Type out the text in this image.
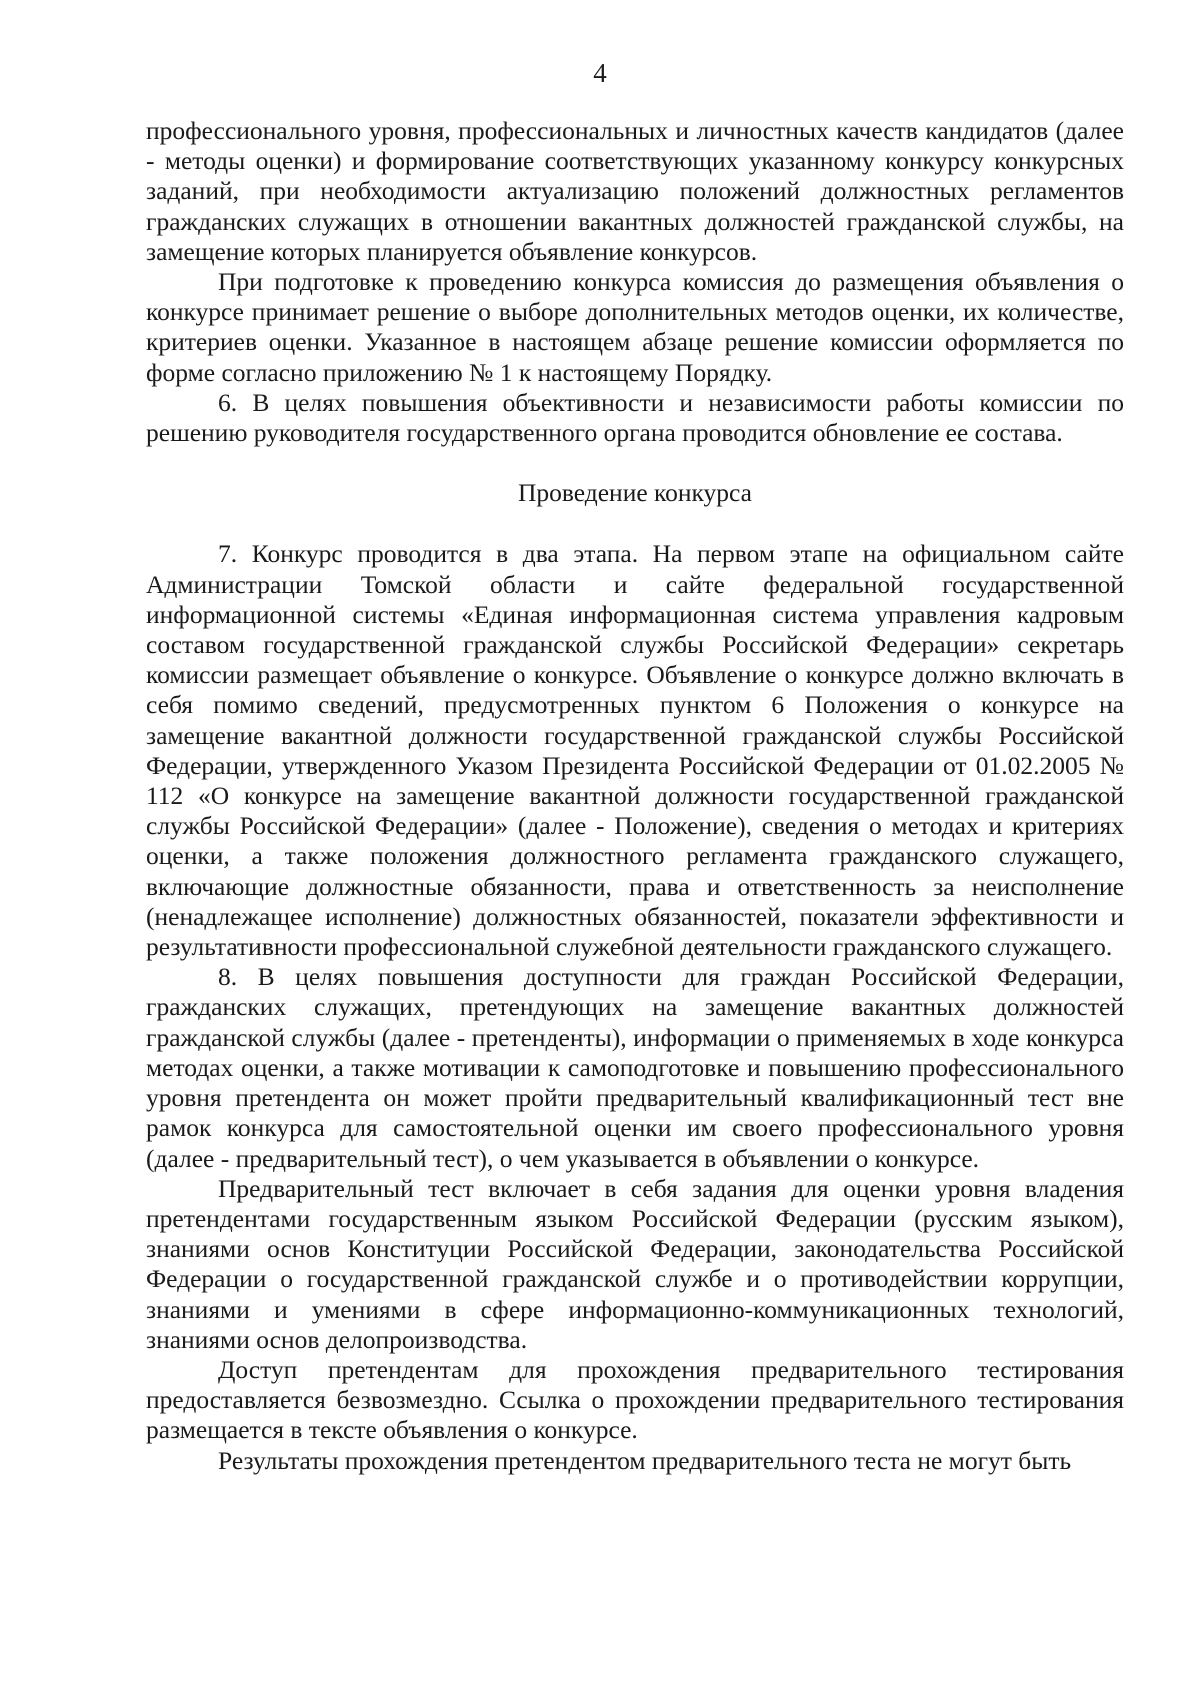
4

профессионального уровня, профессиональных и личностных качеств кандидатов (далее - методы оценки) и формирование соответствующих указанному конкурсу конкурсных заданий, при необходимости актуализацию положений должностных регламентов гражданских служащих в отношении вакантных должностей гражданской службы, на замещение которых планируется объявление конкурсов.

При подготовке к проведению конкурса комиссия до размещения объявления о конкурсе принимает решение о выборе дополнительных методов оценки, их количестве, критериев оценки. Указанное в настоящем абзаце решение комиссии оформляется по форме согласно приложению № 1 к настоящему Порядку.

6. В целях повышения объективности и независимости работы комиссии по решению руководителя государственного органа проводится обновление ее состава.

Проведение конкурса

7. Конкурс проводится в два этапа. На первом этапе на официальном сайте Администрации Томской области и сайте федеральной государственной информационной системы «Единая информационная система управления кадровым составом государственной гражданской службы Российской Федерации» секретарь комиссии размещает объявление о конкурсе. Объявление о конкурсе должно включать в себя помимо сведений, предусмотренных пунктом 6 Положения о конкурсе на замещение вакантной должности государственной гражданской службы Российской Федерации, утвержденного Указом Президента Российской Федерации от 01.02.2005 № 112 «О конкурсе на замещение вакантной должности государственной гражданской службы Российской Федерации» (далее - Положение), сведения о методах и критериях оценки, а также положения должностного регламента гражданского служащего, включающие должностные обязанности, права и ответственность за неисполнение (ненадлежащее исполнение) должностных обязанностей, показатели эффективности и результативности профессиональной служебной деятельности гражданского служащего.

8. В целях повышения доступности для граждан Российской Федерации, гражданских служащих, претендующих на замещение вакантных должностей гражданской службы (далее - претенденты), информации о применяемых в ходе конкурса методах оценки, а также мотивации к самоподготовке и повышению профессионального уровня претендента он может пройти предварительный квалификационный тест вне рамок конкурса для самостоятельной оценки им своего профессионального уровня (далее - предварительный тест), о чем указывается в объявлении о конкурсе.

Предварительный тест включает в себя задания для оценки уровня владения претендентами государственным языком Российской Федерации (русским языком), знаниями основ Конституции Российской Федерации, законодательства Российской Федерации о государственной гражданской службе и о противодействии коррупции, знаниями и умениями в сфере информационно-коммуникационных технологий, знаниями основ делопроизводства.

Доступ претендентам для прохождения предварительного тестирования предоставляется безвозмездно. Ссылка о прохождении предварительного тестирования размещается в тексте объявления о конкурсе.

Результаты прохождения претендентом предварительного теста не могут быть
